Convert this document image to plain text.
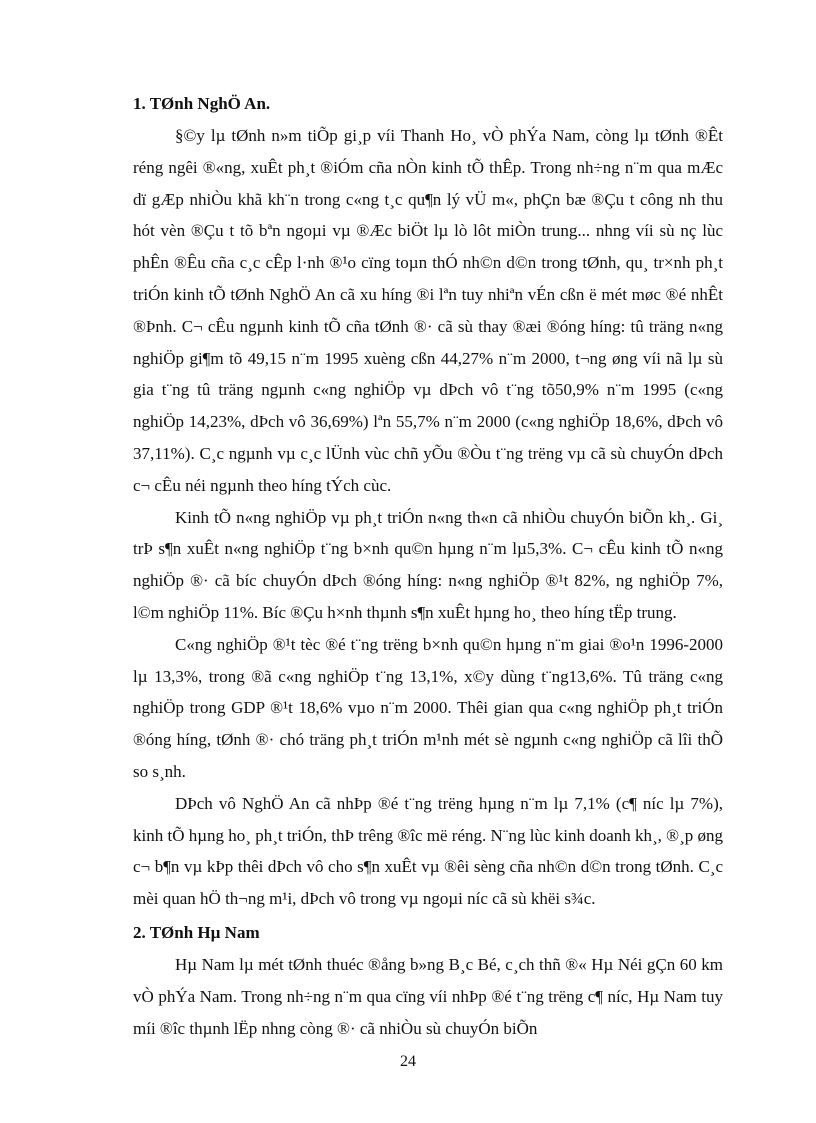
1. TØnh NghÖ An.

§©y lµ tØnh n»m tiÕp gi¸p víi Thanh Ho¸ vÒ phÝa Nam, còng lµ tØnh ®Êt réng ngêi ®«ng, xuÊt ph¸t ®iÓm cña nÒn kinh tÕ thÊp. Trong nh÷ng n¨m qua mÆc dï gÆp nhiÒu khã kh¨n trong c«ng t¸c qu¶n lý vÜ m«, phÇn bæ ®Çu t công nh thu hót vèn ®Çu t tõ bªn ngoµi vµ ®Æc biÖt lµ lò lôt miÒn trung... nhng víi sù nç lùc phÊn ®Êu cña c¸c cÊp l·nh ®¹o cïng toµn thÓ nh©n d©n trong tØnh, qu¸ tr×nh ph¸t triÓn kinh tÕ tØnh NghÖ An cã xu híng ®i lªn tuy nhiªn vÉn cßn ë mét møc ®é nhÊt ®Þnh. C¬ cÊu ngµnh kinh tÕ cña tØnh ®· cã sù thay ®æi ®óng híng: tû träng n«ng nghiÖp gi¶m tõ 49,15 n¨m 1995 xuèng cßn 44,27% n¨m 2000, t¬ng øng víi nã lµ sù gia t¨ng tû träng ngµnh c«ng nghiÖp vµ dÞch vô t¨ng tõ50,9% n¨m 1995 (c«ng nghiÖp 14,23%, dÞch vô 36,69%) lªn 55,7% n¨m 2000 (c«ng nghiÖp 18,6%, dÞch vô 37,11%). C¸c ngµnh vµ c¸c lÜnh vùc chñ yÕu ®Òu t¨ng trëng vµ cã sù chuyÓn dÞch c¬ cÊu néi ngµnh theo híng tÝch cùc.

Kinh tÕ n«ng nghiÖp vµ ph¸t triÓn n«ng th«n cã nhiÒu chuyÓn biÕn kh¸. Gi¸ trÞ s¶n xuÊt n«ng nghiÖp t¨ng b×nh qu©n hµng n¨m lµ5,3%. C¬ cÊu kinh tÕ n«ng nghiÖp ®· cã bíc chuyÓn dÞch ®óng híng: n«ng nghiÖp ®¹t 82%, ng nghiÖp 7%, l©m nghiÖp 11%. Bíc ®Çu h×nh thµnh s¶n xuÊt hµng ho¸ theo híng tËp trung.

C«ng nghiÖp ®¹t tèc ®é t¨ng trëng b×nh qu©n hµng n¨m giai ®o¹n 1996-2000 lµ 13,3%, trong ®ã c«ng nghiÖp t¨ng 13,1%, x©y dùng t¨ng13,6%. Tû träng c«ng nghiÖp trong GDP ®¹t 18,6% vµo n¨m 2000. Thêi gian qua c«ng nghiÖp ph¸t triÓn ®óng híng, tØnh ®· chó träng ph¸t triÓn m¹nh mét sè ngµnh c«ng nghiÖp cã lîi thÕ so s¸nh.

DÞch vô NghÖ An cã nhÞp ®é t¨ng trëng hµng n¨m lµ 7,1% (c¶ níc lµ 7%), kinh tÕ hµng ho¸ ph¸t triÓn, thÞ trêng ®îc më réng. N¨ng lùc kinh doanh kh¸, ®¸p øng c¬ b¶n vµ kÞp thêi dÞch vô cho s¶n xuÊt vµ ®êi sèng cña nh©n d©n trong tØnh. C¸c mèi quan hÖ th¬ng m¹i, dÞch vô trong vµ ngoµi níc cã sù khëi s¾c.

2. TØnh Hµ Nam

Hµ Nam lµ mét tØnh thuéc ®ång b»ng B¸c Bé, c¸ch thñ ®« Hµ Néi gÇn 60 km vÒ phÝa Nam. Trong nh÷ng n¨m qua cïng víi nhÞp ®é t¨ng trëng c¶ níc, Hµ Nam tuy míi ®îc thµnh lËp nhng còng ®· cã nhiÒu sù chuyÓn biÕn

24
